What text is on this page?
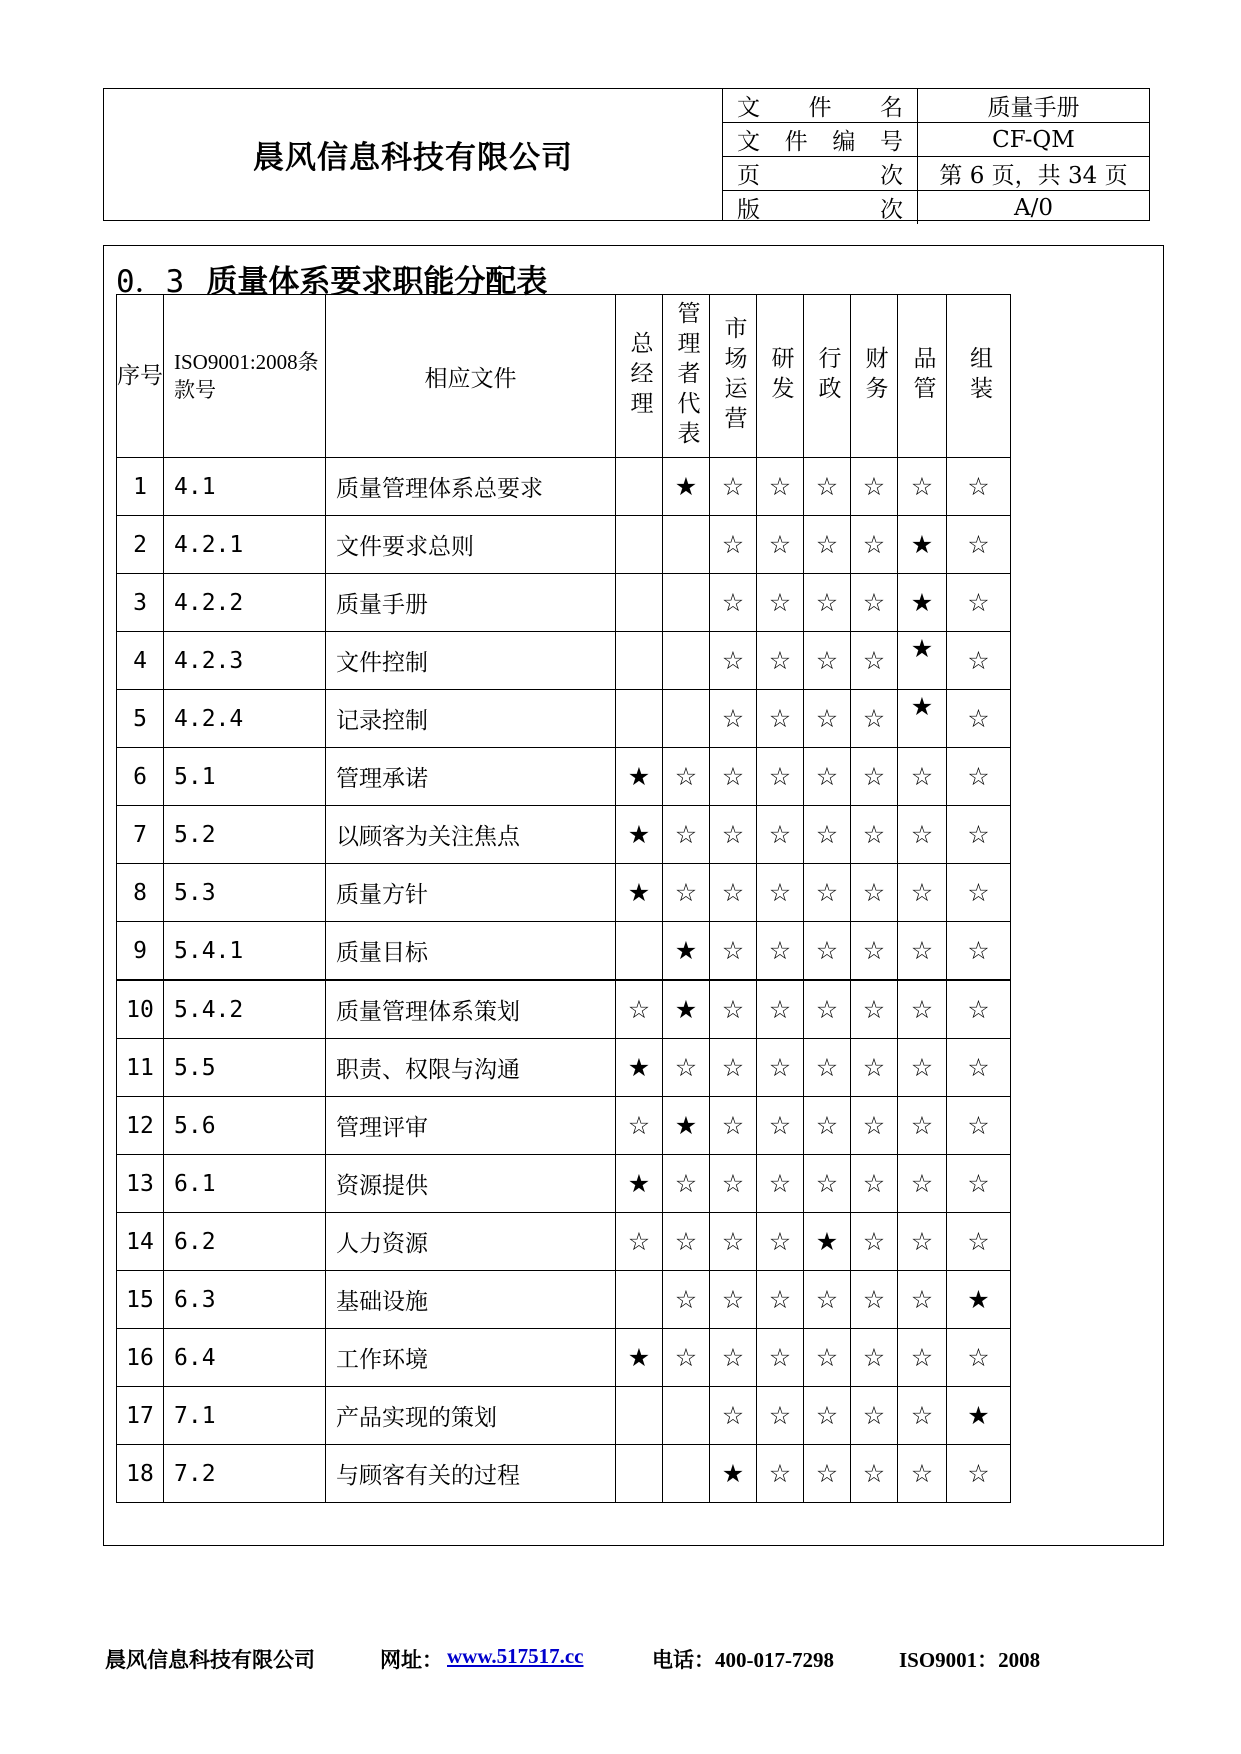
晨风信息科技有限公司
文 件 名	质量手册
文件编号	CF-QM
页 次	第 6 页，共 34 页
版 次	A/0
0．3 质量体系要求职能分配表
序号	ISO9001:2008条款号	相应文件	总经理	管理者代表	市场运营	研发	行政	财务	品管	组装

1	4.1	质量管理体系总要求		★	☆	☆	☆	☆	☆	☆
2	4.2.1	文件要求总则			☆	☆	☆	☆	★	☆
3	4.2.2	质量手册			☆	☆	☆	☆	★	☆
4	4.2.3	文件控制			☆	☆	☆	☆	★	☆
5	4.2.4	记录控制			☆	☆	☆	☆	★	☆
6	5.1	管理承诺	★	☆	☆	☆	☆	☆	☆	☆
7	5.2	以顾客为关注焦点	★	☆	☆	☆	☆	☆	☆	☆
8	5.3	质量方针	★	☆	☆	☆	☆	☆	☆	☆
9	5.4.1	质量目标		★	☆	☆	☆	☆	☆	☆
10	5.4.2	质量管理体系策划	☆	★	☆	☆	☆	☆	☆	☆
11	5.5	职责、权限与沟通	★	☆	☆	☆	☆	☆	☆	☆
12	5.6	管理评审	☆	★	☆	☆	☆	☆	☆	☆
13	6.1	资源提供	★	☆	☆	☆	☆	☆	☆	☆
14	6.2	人力资源	☆	☆	☆	☆	★	☆	☆	☆
15	6.3	基础设施		☆	☆	☆	☆	☆	☆	★
16	6.4	工作环境	★	☆	☆	☆	☆	☆	☆	☆
17	7.1	产品实现的策划			☆	☆	☆	☆	☆	★
18	7.2	与顾客有关的过程			★	☆	☆	☆	☆	☆
晨风信息科技有限公司	网址： www.517517.cc	电话：400-017-7298	ISO9001：2008
